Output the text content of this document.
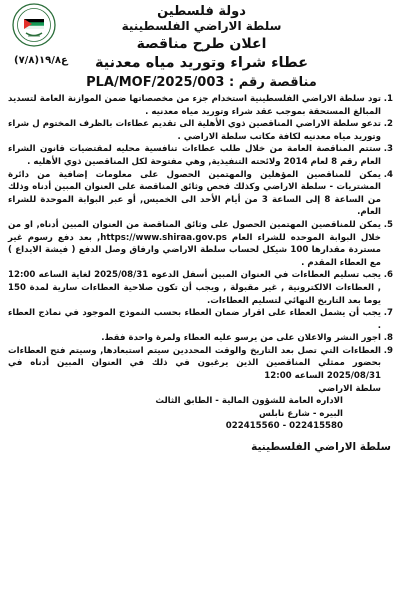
دولة فلسطين
سلطة الاراضي الفلسطينية
اعلان طرح مناقصة
عطاء شراء وتوريد مياه معدنية
ع١٩/٨(٧/٨)
مناقصة رقم : PLA/MOF/2025/003
1.
تود سلطة الاراضي الفلسطينية استخدام جزء من مخصصاتها ضمن الموازنة العامة لتسديد المبالغ المستحقة بموجب عقد شراء وتوريد مياه معدنيه .
2.
تدعو سلطة الاراضي المناقصين ذوي الأهلية الى تقديم عطاءات بالظرف المختوم ل شراء وتوريد مياه معدنيه لكافة مكاتب سلطة الاراضي .
3.
ستتم المناقصة العامة من خلال طلب عطاءات تنافسية محليه لمقتضيات قانون الشراء العام رقم 8 لعام 2014 ولائحته التنفيذية, وهي مفتوحة لكل المناقصين ذوي الأهليه .
4.
يمكن للمناقصين المؤهلين والمهتمين الحصول على معلومات إضافية من دائرة المشتريات - سلطة الاراضي وكذلك فحص وثائق المناقصة على العنوان المبين أدناه وذلك من الساعة 8 إلى الساعة 3 من أيام الأحد الى الخميس, أو عبر البوابة الموحدة للشراء العام.
5.
يمكن للمناقصين المهتمين الحصول على وثائق المناقصة من العنوان المبين أدناه, او من خلال البوابة الموحده للشراء العام https://www.shiraa.gov.ps, بعد دفع رسوم غير مستردة مقدارها 100 شيكل لحساب سلطة الاراضي وارفاق وصل الدفع ( فيشة الايداع ) مع العطاء المقدم .
6.
يجب تسليم العطاءات في العنوان المبين أسفل الدعوه 2025/08/31 لغاية الساعه 12:00 , العطاءات الالكترونية , غير مقبولة , ويجب أن تكون صلاحية العطاءات سارية لمدة 150 يوما بعد التاريخ النهائي لتسليم العطاءات.
7.
يجب أن يشمل العطاء على اقرار ضمان العطاء بحسب النموذج الموجود في نماذج العطاء .
8.
اجور النشر والاعلان على من يرسو عليه العطاء ولمرة واحدة فقط.
9.
العطاءات التي تصل بعد التاريخ والوقت المحددين سيتم استبعادها, وسيتم فتح العطاءات بحضور ممثلي المناقصين الذين يرغبون في ذلك في العنوان المبين أدناه في 2025/08/31 الساعه 12:00
سلطة الاراضي
الاداره العامة للشؤون المالية - الطابق الثالث
البيره - شارع نابلس
022415580 - 022415560
سلطة الاراضي الفلسطينية
